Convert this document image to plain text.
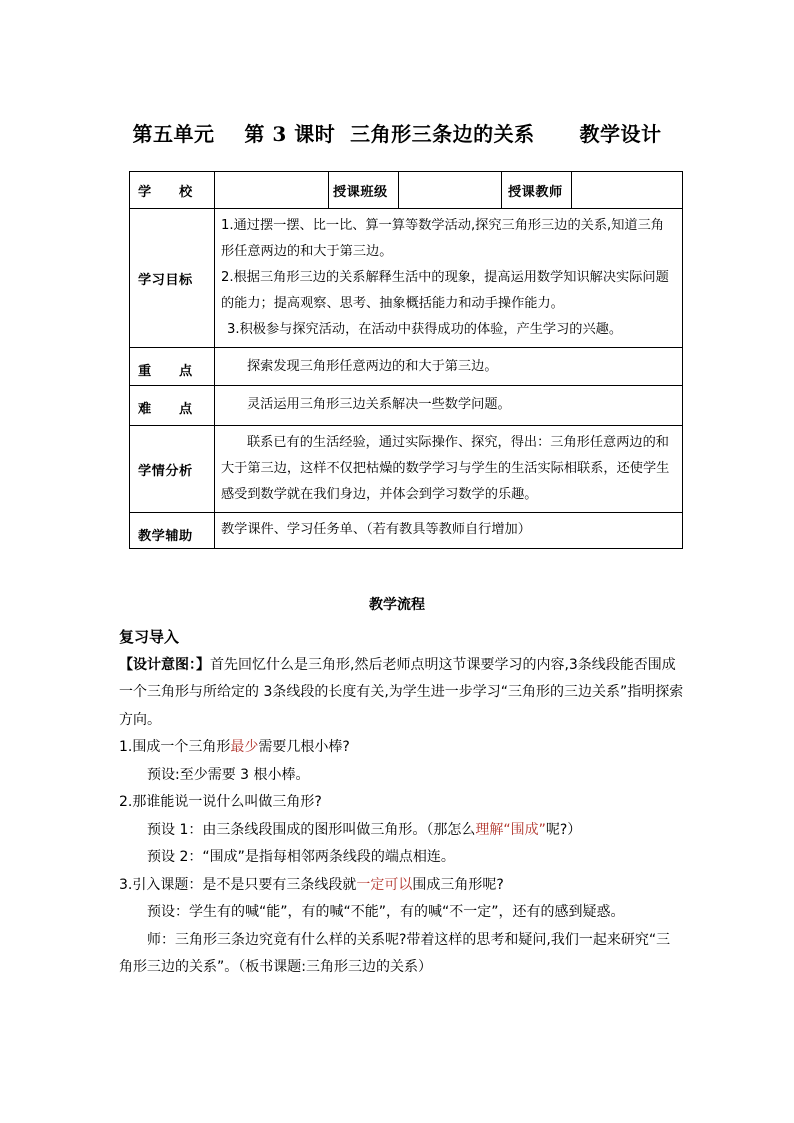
第五单元 第 3 课时  三角形三条边的关系 教学设计
学　　校		授课班级		授课教师	
学习目标	1.通过摆一摆、比一比、算一算等数学活动,探究三角形三边的关系,知道三角形任意两边的和大于第三边。
2.根据三角形三边的关系解释生活中的现象，提高运用数学知识解决实际问题的能力；提高观察、思考、抽象概括能力和动手操作能力。
3.积极参与探究活动，在活动中获得成功的体验，产生学习的兴趣。				

重　　点	探索发现三角形任意两边的和大于第三边。				
难　　点	灵活运用三角形三边关系解决一些数学问题。				
学情分析	联系已有的生活经验，通过实际操作、探究，得出：三角形任意两边的和大于第三边，这样不仅把枯燥的数学学习与学生的生活实际相联系，还使学生感受到数学就在我们身边，并体会到学习数学的乐趣。				
教学辅助	教学课件、学习任务单、（若有教具等教师自行增加）				
教学流程

复习导入

【设计意图：】首先回忆什么是三角形,然后老师点明这节课要学习的内容,3条线段能否围成一个三角形与所给定的 3条线段的长度有关,为学生进一步学习“三角形的三边关系”指明探索方向。

1.围成一个三角形最少需要几根小棒?

预设:至少需要 3 根小棒。

2.那谁能说一说什么叫做三角形?

预设 1：由三条线段围成的图形叫做三角形。（那怎么理解“围成”呢?）

预设 2：“围成”是指每相邻两条线段的端点相连。

3.引入课题：是不是只要有三条线段就一定可以围成三角形呢?

预设：学生有的喊“能”，有的喊“不能”，有的喊“不一定”，还有的感到疑惑。

师：三角形三条边究竟有什么样的关系呢?带着这样的思考和疑问,我们一起来研究“三角形三边的关系”。（板书课题:三角形三边的关系）
